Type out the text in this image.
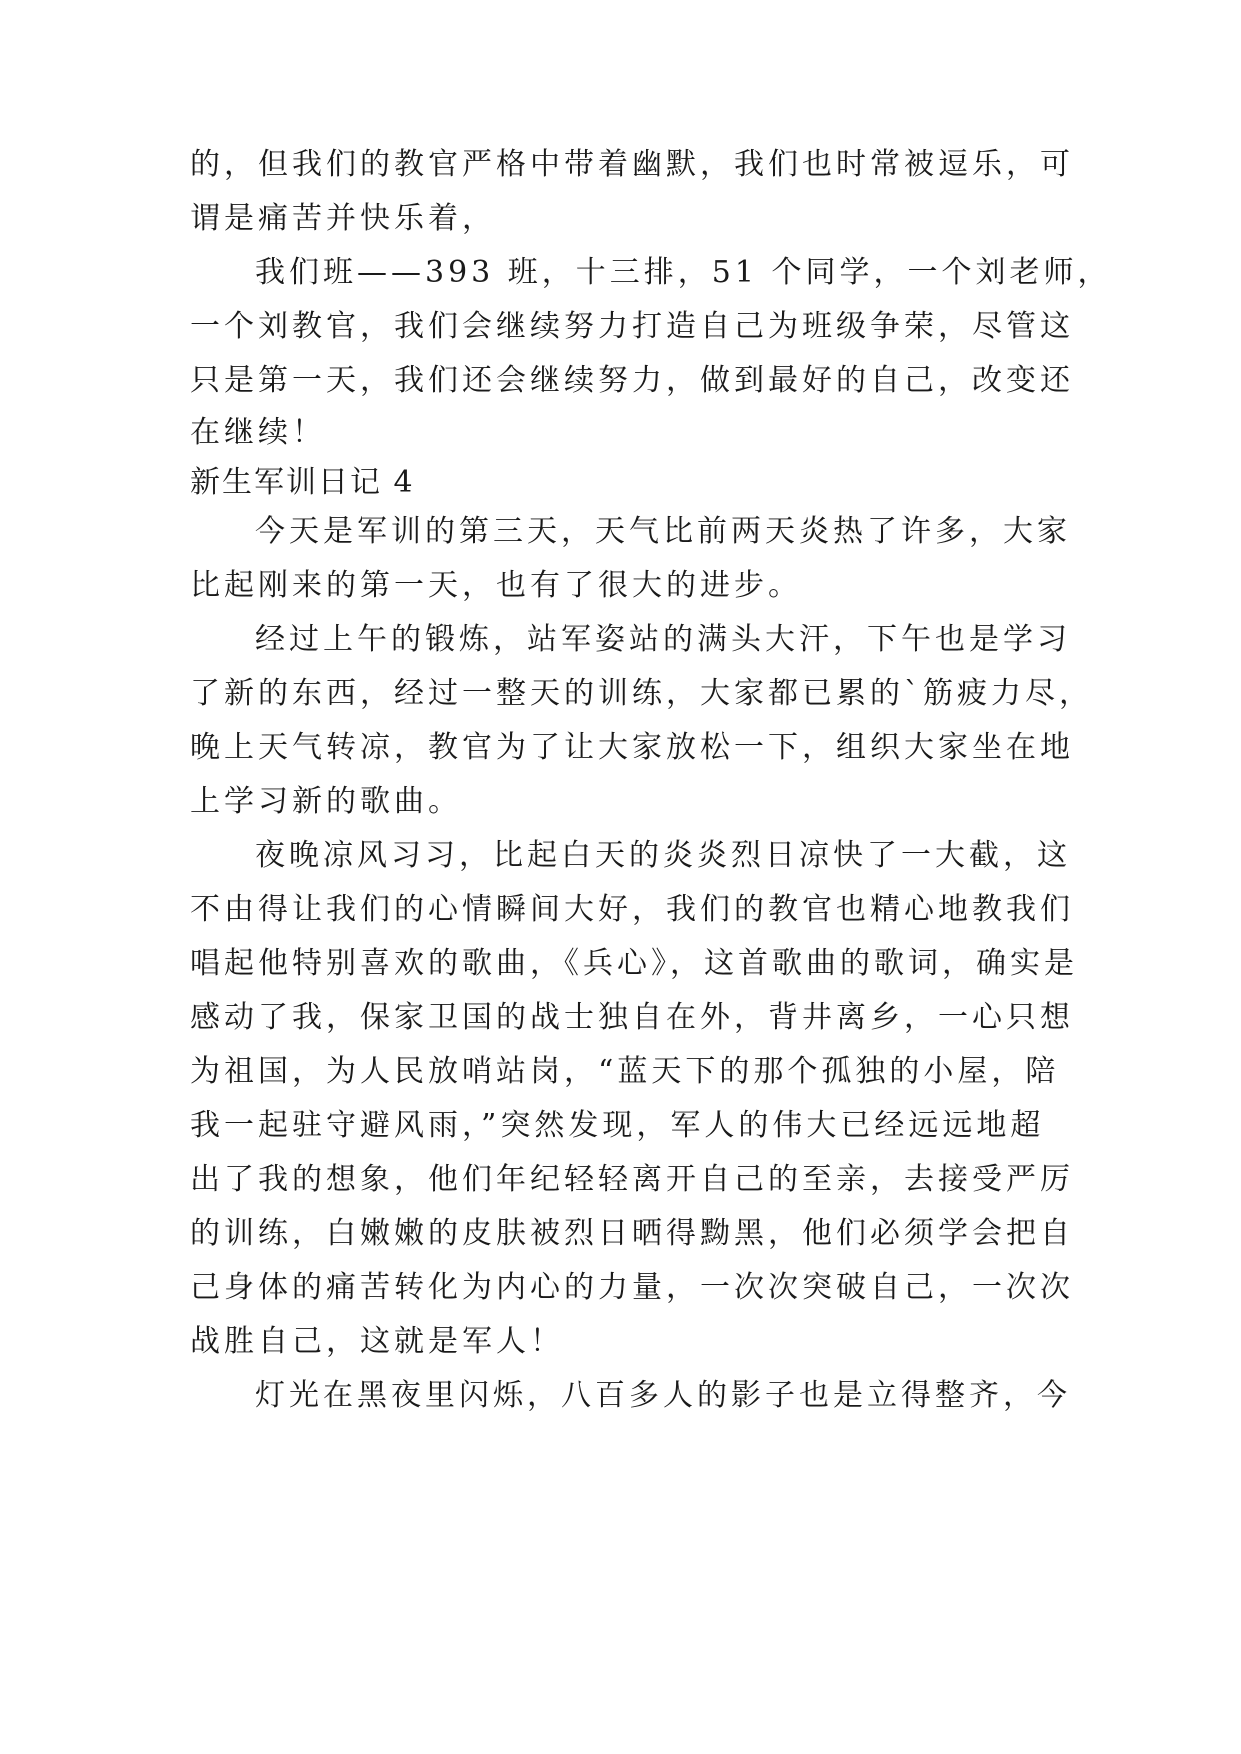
的，但我们的教官严格中带着幽默，我们也时常被逗乐，可
谓是痛苦并快乐着，
我们班——393 班，十三排，51 个同学，一个刘老师，
一个刘教官，我们会继续努力打造自己为班级争荣，尽管这
只是第一天，我们还会继续努力，做到最好的自己，改变还
在继续！
新生军训日记 4
今天是军训的第三天，天气比前两天炎热了许多，大家
比起刚来的第一天，也有了很大的进步。
经过上午的锻炼，站军姿站的满头大汗，下午也是学习
了新的东西，经过一整天的训练，大家都已累的`筋疲力尽，
晚上天气转凉，教官为了让大家放松一下，组织大家坐在地
上学习新的歌曲。
夜晚凉风习习，比起白天的炎炎烈日凉快了一大截，这
不由得让我们的心情瞬间大好，我们的教官也精心地教我们
唱起他特别喜欢的歌曲，《兵心》，这首歌曲的歌词，确实是
感动了我，保家卫国的战士独自在外，背井离乡，一心只想
为祖国，为人民放哨站岗，“蓝天下的那个孤独的小屋，陪
我一起驻守避风雨，”突然发现，军人的伟大已经远远地超
出了我的想象，他们年纪轻轻离开自己的至亲，去接受严厉
的训练，白嫩嫩的皮肤被烈日晒得黝黑，他们必须学会把自
己身体的痛苦转化为内心的力量，一次次突破自己，一次次
战胜自己，这就是军人！
灯光在黑夜里闪烁，八百多人的影子也是立得整齐，今
